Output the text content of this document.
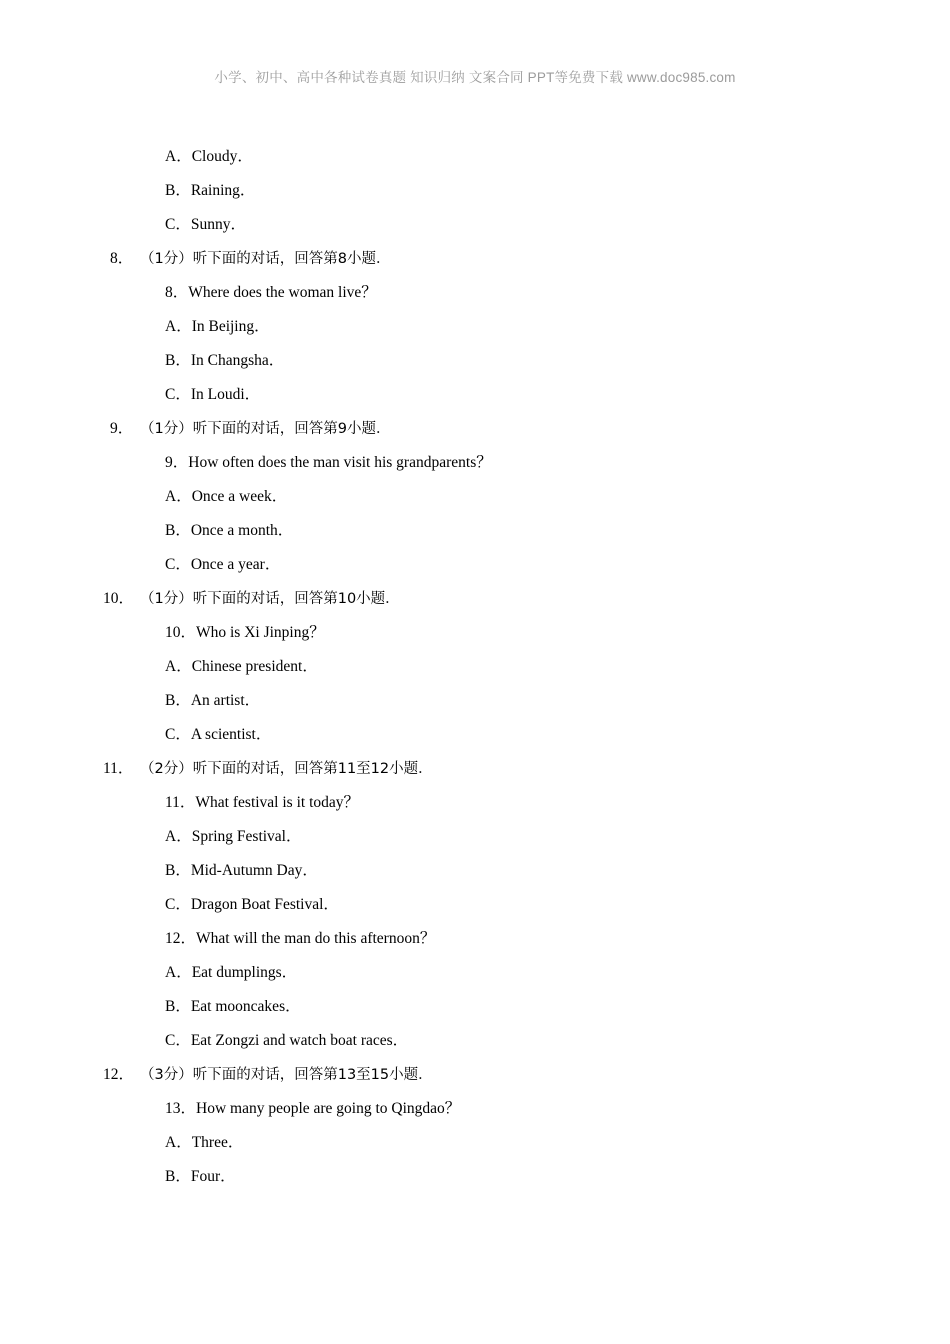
小学、初中、高中各种试卷真题 知识归纳 文案合同 PPT等免费下载 www.doc985.com
A．Cloudy．
B．Raining．
C．Sunny．
8． （1分）听下面的对话，回答第8小题．
8．Where does the woman live？
A．In Beijing．
B．In Changsha．
C．In Loudi．
9． （1分）听下面的对话，回答第9小题．
9．How often does the man visit his grandparents？
A．Once a week．
B．Once a month．
C．Once a year．
10． （1分）听下面的对话，回答第10小题．
10．Who is Xi Jinping？
A．Chinese president．
B．An artist．
C．A scientist．
11． （2分）听下面的对话，回答第11至12小题．
11．What festival is it today？
A．Spring Festival．
B．Mid‑Autumn Day．
C．Dragon Boat Festival．
12．What will the man do this afternoon？
A．Eat dumplings．
B．Eat mooncakes．
C．Eat Zongzi and watch boat races．
12． （3分）听下面的对话，回答第13至15小题．
13．How many people are going to Qingdao？
A．Three．
B．Four．
